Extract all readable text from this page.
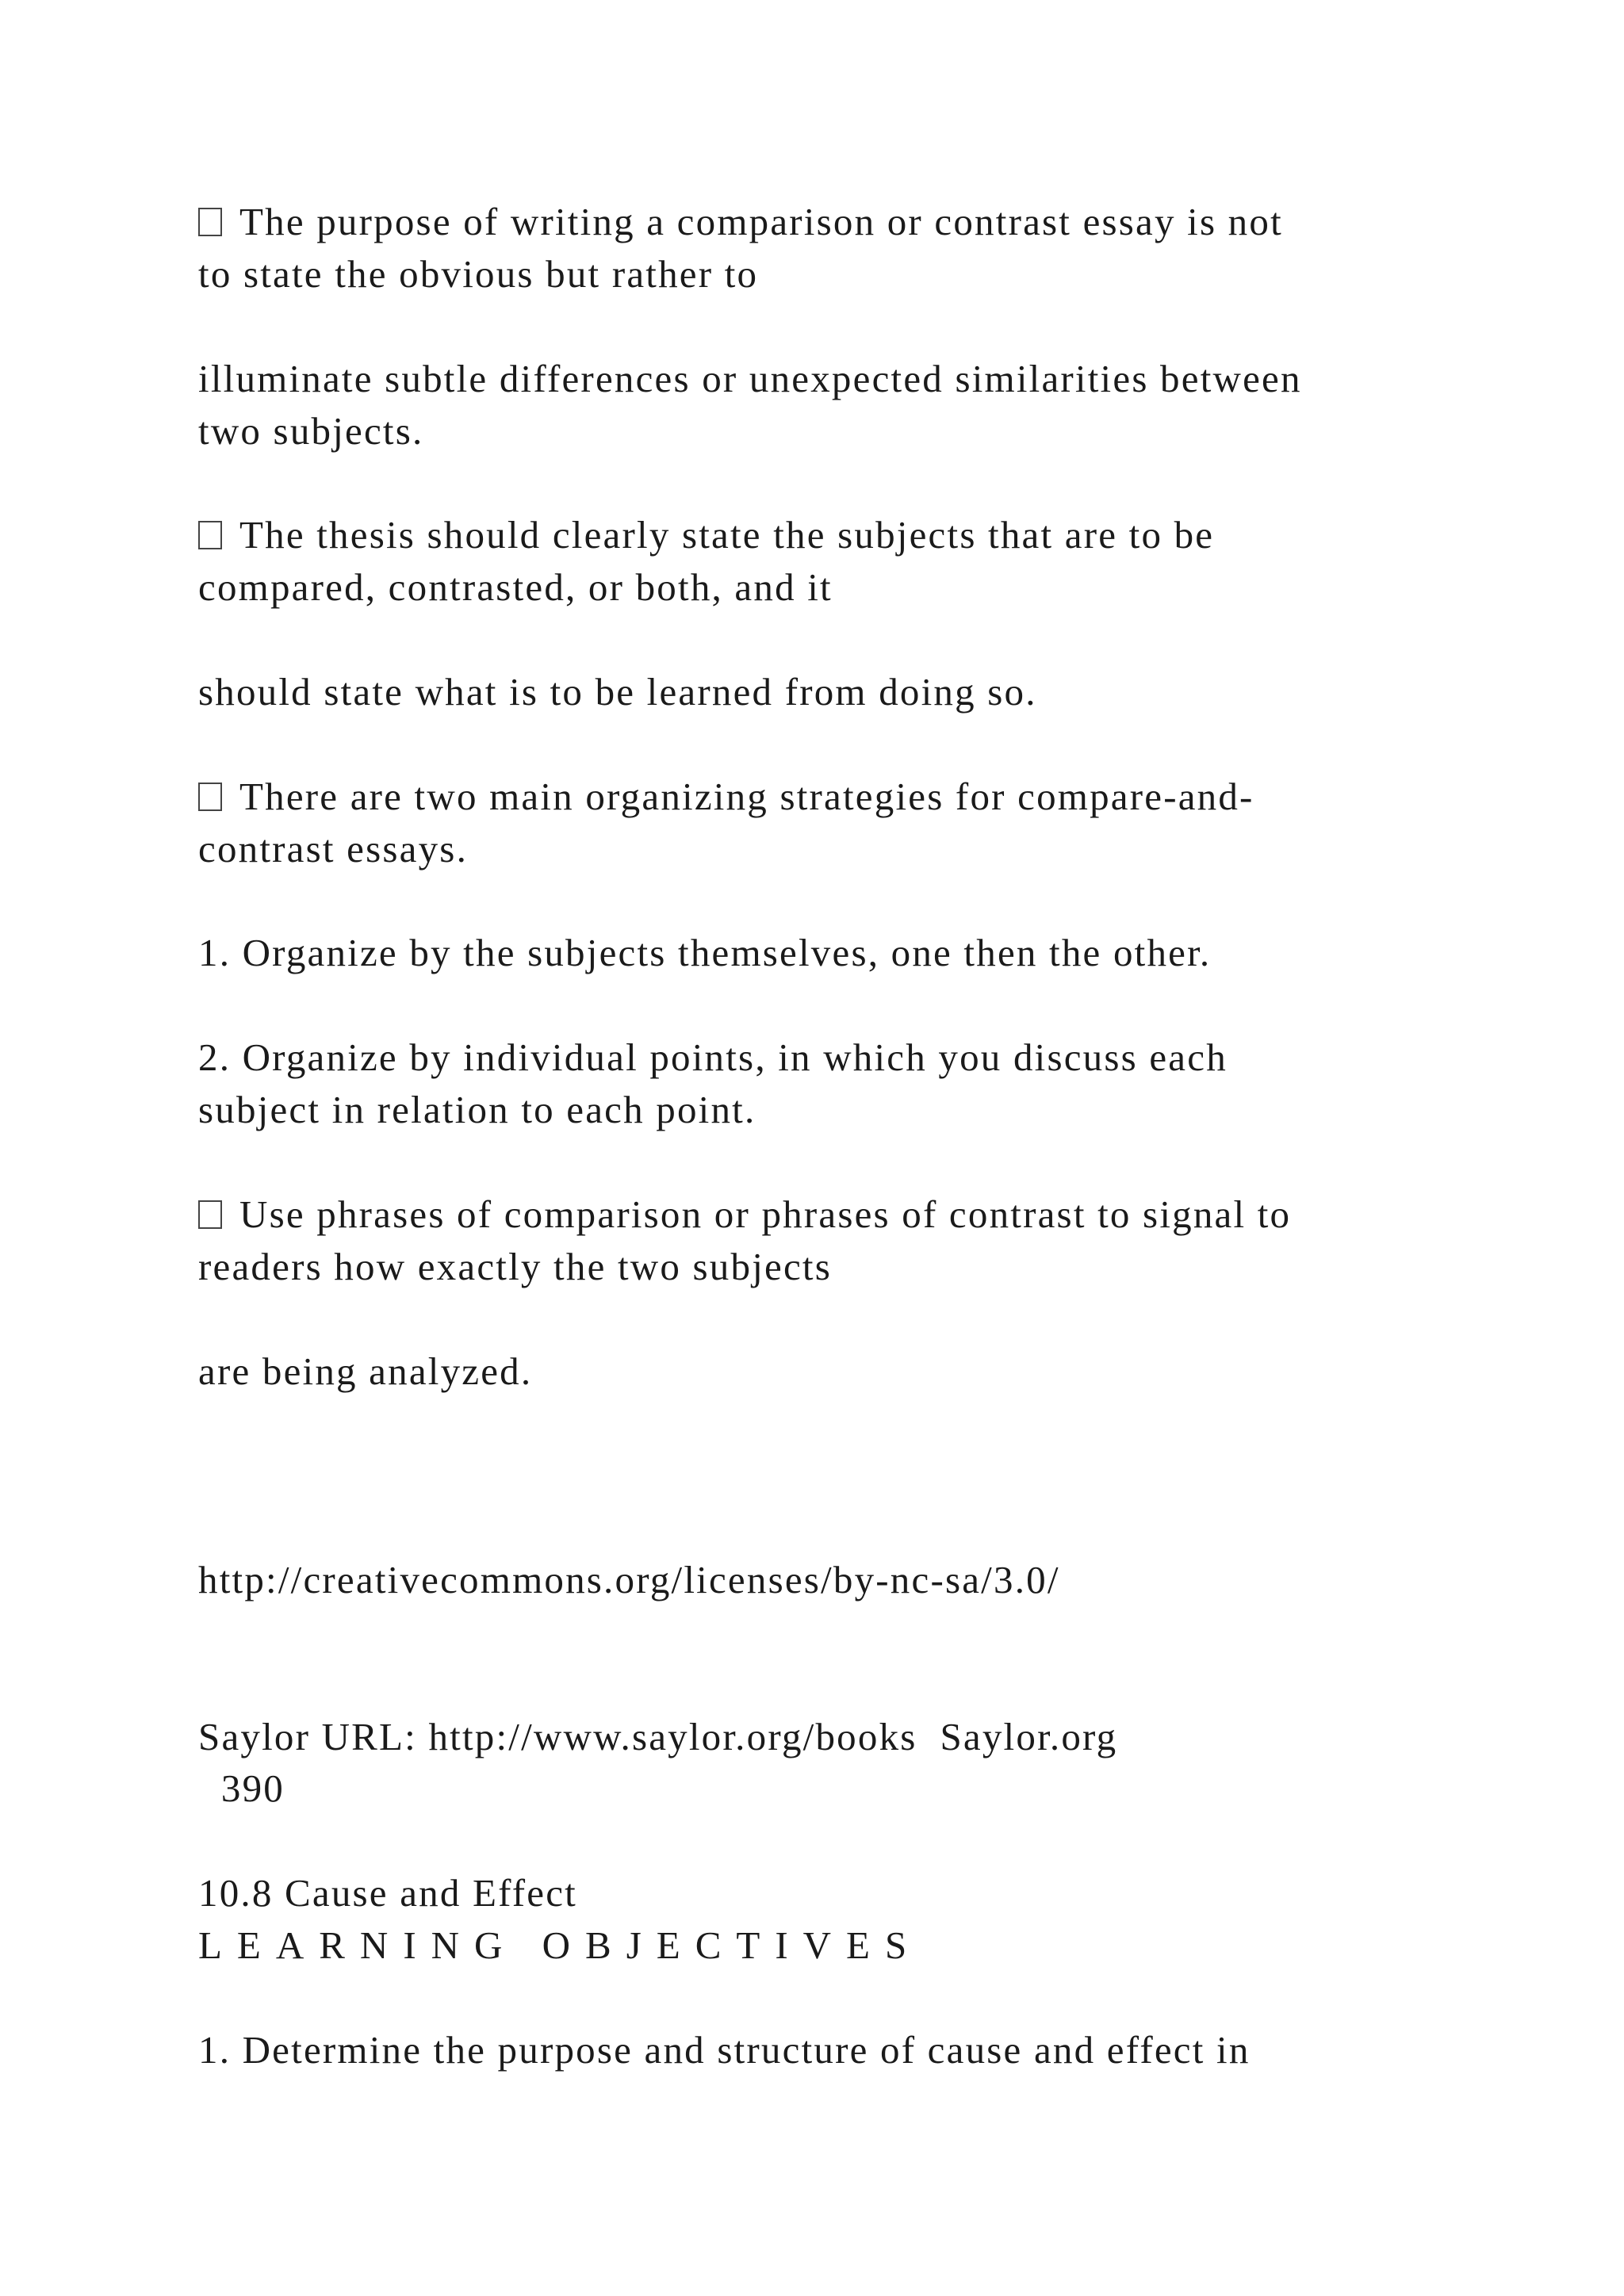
The purpose of writing a comparison or contrast essay is not
to state the obvious but rather to
illuminate subtle differences or unexpected similarities between
two subjects.
The thesis should clearly state the subjects that are to be
compared, contrasted, or both, and it
should state what is to be learned from doing so.
There are two main organizing strategies for compare-and-
contrast essays.
1. Organize by the subjects themselves, one then the other.
2. Organize by individual points, in which you discuss each
subject in relation to each point.
Use phrases of comparison or phrases of contrast to signal to
readers how exactly the two subjects
are being analyzed.
http://creativecommons.org/licenses/by-nc-sa/3.0/
Saylor URL: http://www.saylor.org/books  Saylor.org
390
10.8 Cause and Effect
LEARNING OBJECTIVES
1. Determine the purpose and structure of cause and effect in
